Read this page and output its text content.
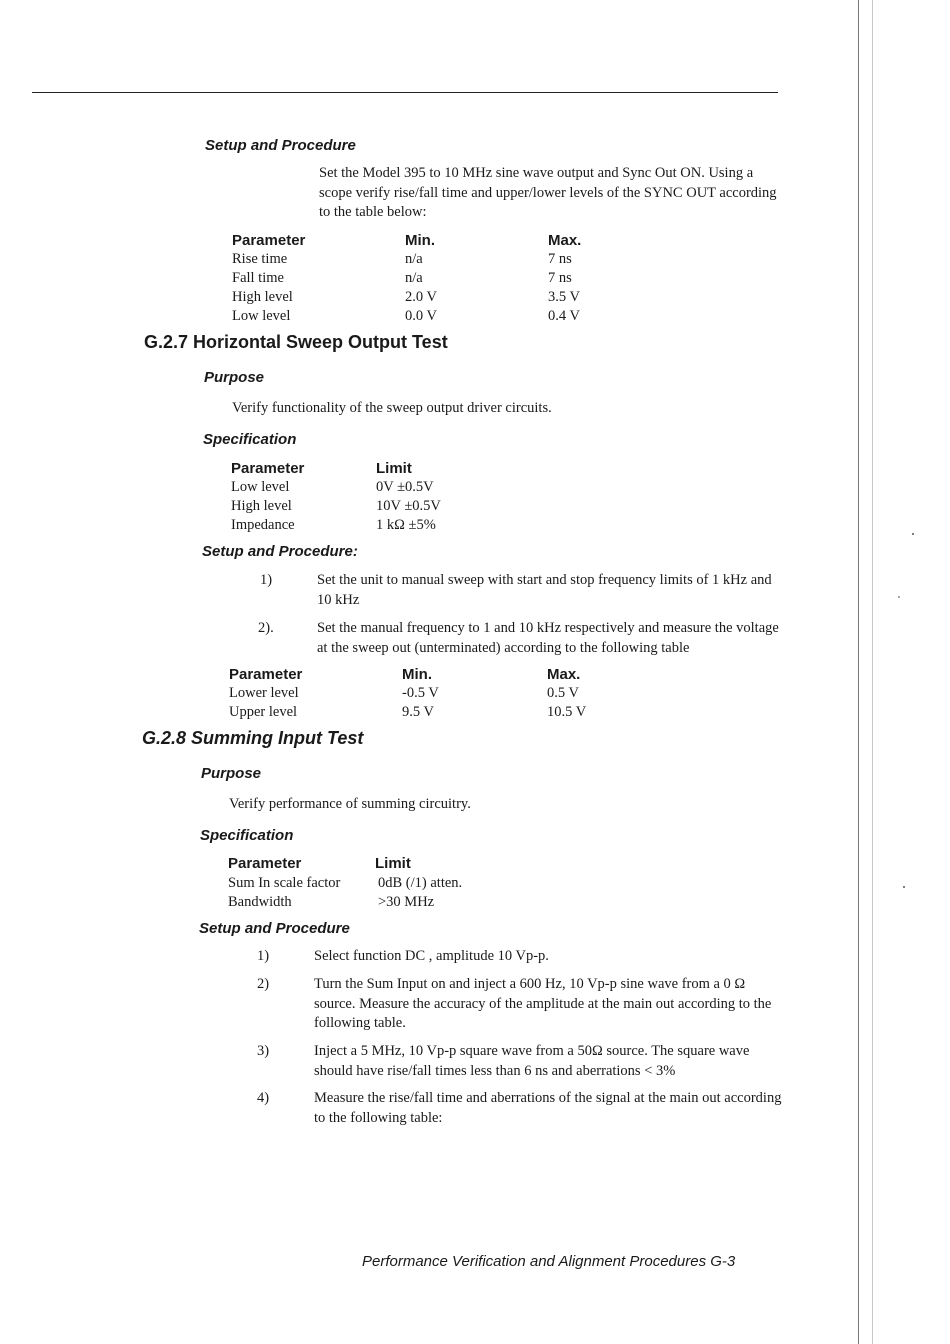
Setup and Procedure

Set the Model 395 to 10 MHz sine wave output and Sync Out ON. Using a scope verify rise/fall time and upper/lower levels of the SYNC OUT according to the table below:

Parameter	Min.	Max.
Rise time	n/a	7 ns
Fall time	n/a	7 ns
High level	2.0 V	3.5 V
Low level	0.0 V	0.4 V
G.2.7 Horizontal Sweep Output Test
Purpose
Verify functionality of the sweep output driver circuits.
Specification
Parameter	Limit
Low level	0V ±0.5V
High level	10V ±0.5V
Impedance	1 kΩ ±5%
Setup and Procedure:
1)	Set the unit to manual sweep with start and stop frequency limits of 1 kHz and 10 kHz

2).	Set the manual frequency to 1 and 10 kHz respectively and measure the voltage at the sweep out (unterminated) according to the following table

Parameter	Min.	Max.
Lower level	-0.5 V	0.5 V
Upper level	9.5 V	10.5 V
G.2.8 Summing Input Test
Purpose
Verify performance of summing circuitry.
Specification
Parameter	Limit
Sum In scale factor	0dB (/1) atten.
Bandwidth	>30 MHz
Setup and Procedure
1)	Select function DC , amplitude 10 Vp-p.

2)	Turn the Sum Input on and inject a 600 Hz, 10 Vp-p sine wave from a 0 Ω source. Measure the accuracy of the amplitude at the main out according to the following table.

3)	Inject a 5 MHz, 10 Vp-p square wave from a 50Ω source. The square wave should have rise/fall times less than 6 ns and aberrations < 3%

4)	Measure the rise/fall time and aberrations of the signal at the main out according to the following table:

Performance Verification and Alignment Procedures G-3
